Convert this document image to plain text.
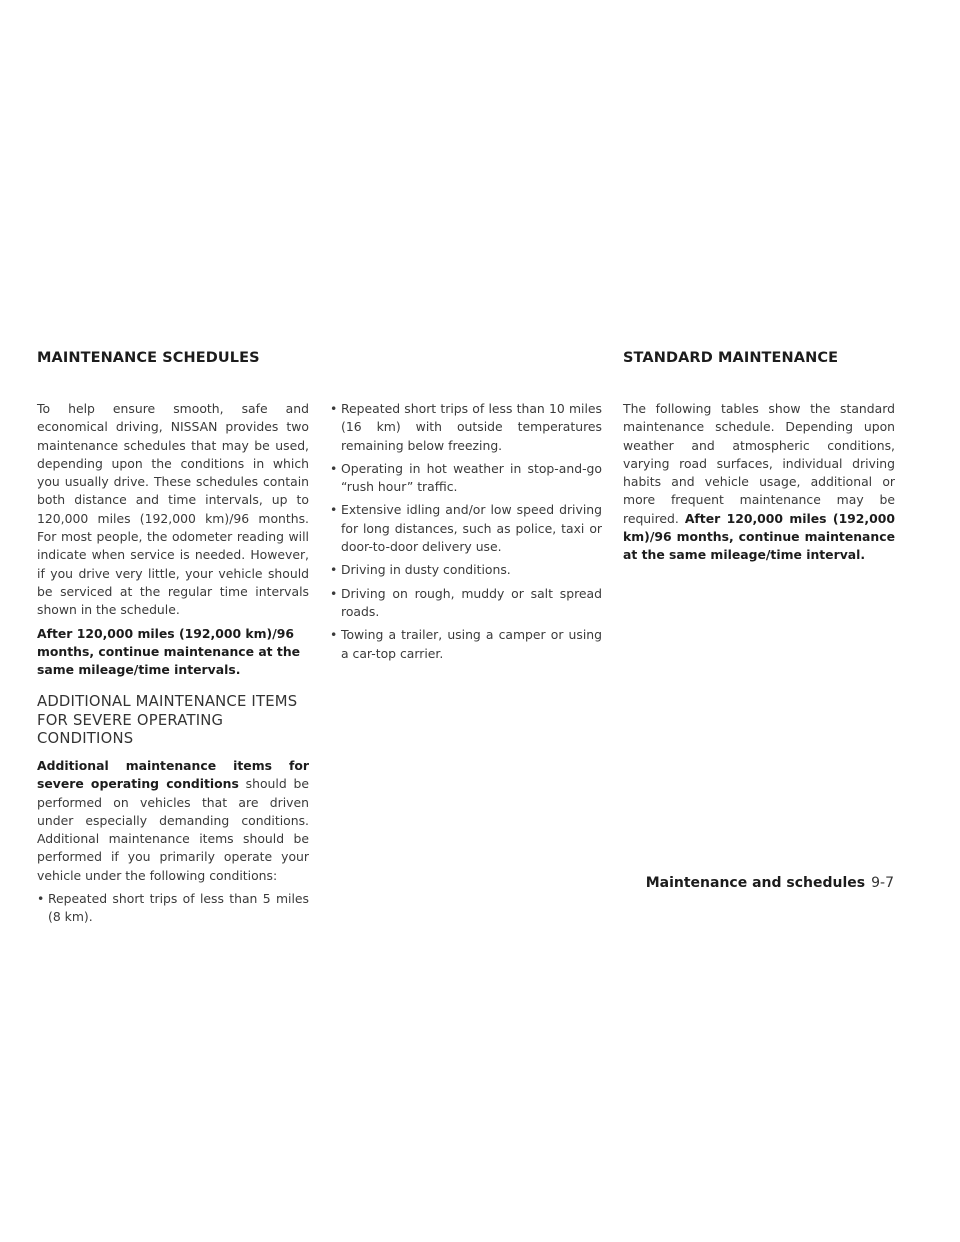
MAINTENANCE SCHEDULES	STANDARD MAINTENANCE

To help ensure smooth, safe and economical driving, NISSAN provides two maintenance schedules that may be used, depending upon the conditions in which you usually drive. These schedules contain both distance and time intervals, up to 120,000 miles (192,000 km)/96 months. For most people, the odometer reading will indicate when service is needed. However, if you drive very little, your vehicle should be serviced at the regular time intervals shown in the schedule.

After 120,000 miles (192,000 km)/96 months, continue maintenance at the same mileage/time intervals.

ADDITIONAL MAINTENANCE ITEMS FOR SEVERE OPERATING CONDITIONS

Additional maintenance items for severe operating conditions should be performed on vehicles that are driven under especially demanding conditions. Additional maintenance items should be performed if you primarily operate your vehicle under the following conditions:

• Repeated short trips of less than 5 miles (8 km).
• Repeated short trips of less than 10 miles (16 km) with outside temperatures remaining below freezing.
• Operating in hot weather in stop-and-go “rush hour” traffic.
• Extensive idling and/or low speed driving for long distances, such as police, taxi or door-to-door delivery use.
• Driving in dusty conditions.
• Driving on rough, muddy or salt spread roads.
• Towing a trailer, using a camper or using a car-top carrier.

The following tables show the standard maintenance schedule. Depending upon weather and atmospheric conditions, varying road surfaces, individual driving habits and vehicle usage, additional or more frequent maintenance may be required. After 120,000 miles (192,000 km)/96 months, continue maintenance at the same mileage/time interval.

Maintenance and schedules 9-7
